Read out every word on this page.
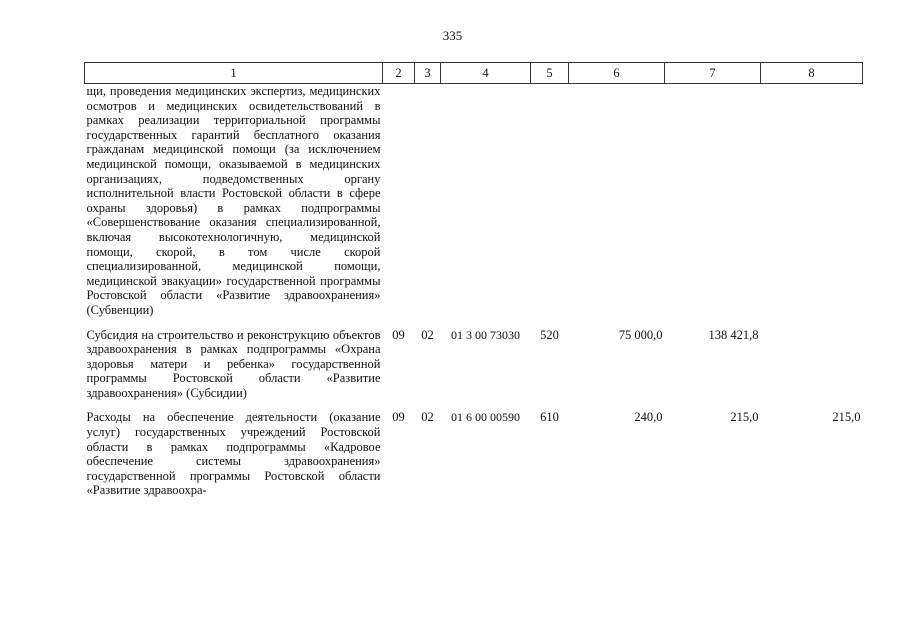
335
1	2	3	4	5	6	7	8
щи, проведения медицинских экспертиз, медицинских осмотров и медицинских освидетельствований в рамках реализации территориальной программы государственных гарантий бесплатного оказания гражданам медицинской помощи (за исключением медицинской помощи, оказываемой в медицинских организациях, подведомственных органу исполнительной власти Ростовской области в сфере охраны здоровья) в рамках подпрограммы «Совершенствование оказания специализированной, включая высокотехнологичную, медицинской помощи, скорой, в том числе скорой специализированной, медицинской помощи, медицинской эвакуации» государственной программы Ростовской области «Развитие здравоохранения» (Субвенции)							

Субсидия на строительство и реконструкцию объектов здравоохранения в рамках подпрограммы «Охрана здоровья матери и ребенка» государственной программы Ростовской области «Развитие здравоохранения» (Субсидии)	09	02	01 3 00 73030	520	75 000,0	138 421,8	

Расходы на обеспечение деятельности (оказание услуг) государственных учреждений Ростовской области в рамках подпрограммы «Кадровое обеспечение системы здравоохранения» государственной программы Ростовской области «Развитие здравоохра-	09	02	01 6 00 00590	610	240,0	215,0	215,0
